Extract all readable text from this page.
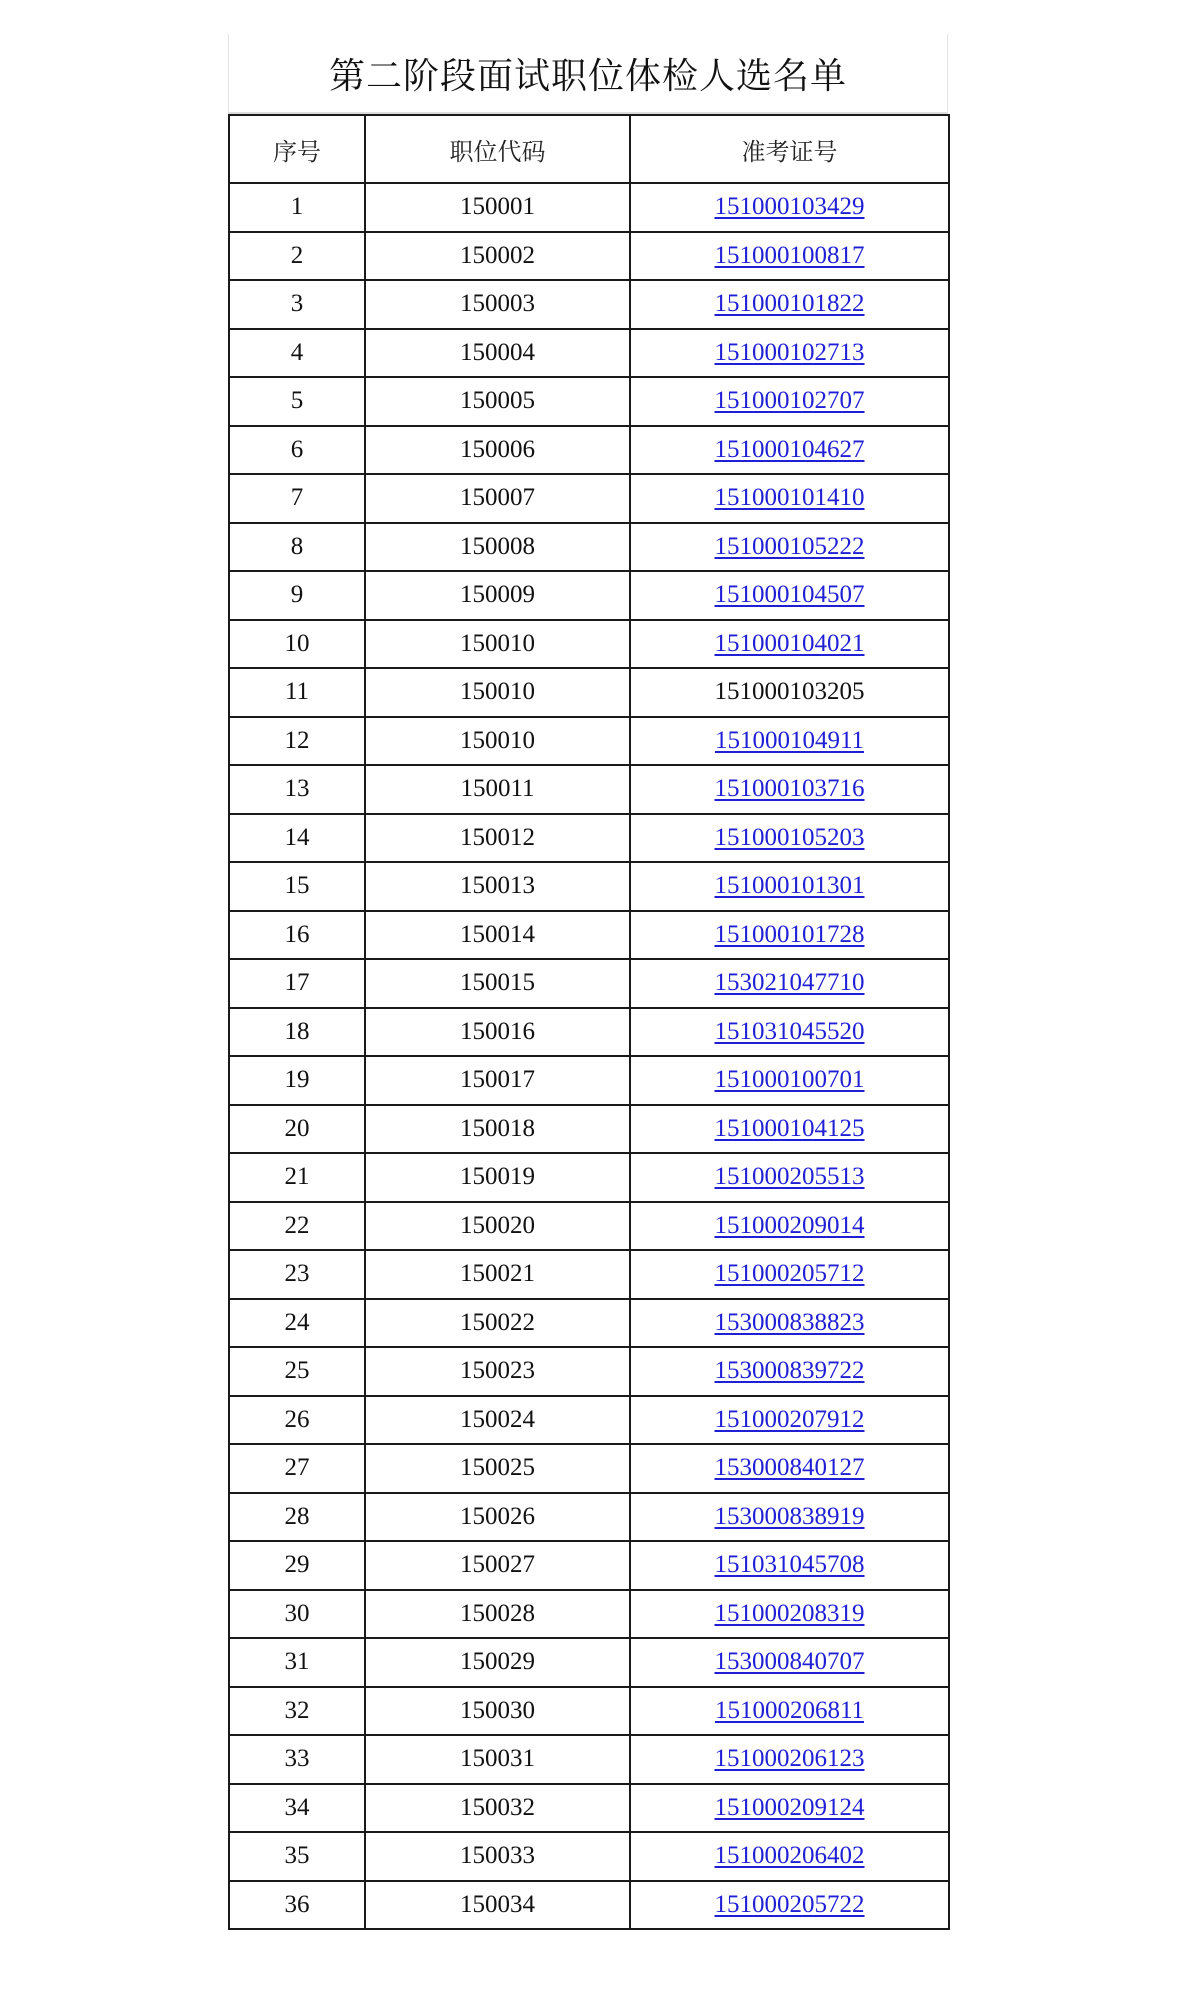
第二阶段面试职位体检人选名单
序号	职位代码	准考证号
1	150001	151000103429
2	150002	151000100817
3	150003	151000101822
4	150004	151000102713
5	150005	151000102707
6	150006	151000104627
7	150007	151000101410
8	150008	151000105222
9	150009	151000104507
10	150010	151000104021
11	150010	151000103205
12	150010	151000104911
13	150011	151000103716
14	150012	151000105203
15	150013	151000101301
16	150014	151000101728
17	150015	153021047710
18	150016	151031045520
19	150017	151000100701
20	150018	151000104125
21	150019	151000205513
22	150020	151000209014
23	150021	151000205712
24	150022	153000838823
25	150023	153000839722
26	150024	151000207912
27	150025	153000840127
28	150026	153000838919
29	150027	151031045708
30	150028	151000208319
31	150029	153000840707
32	150030	151000206811
33	150031	151000206123
34	150032	151000209124
35	150033	151000206402
36	150034	151000205722
